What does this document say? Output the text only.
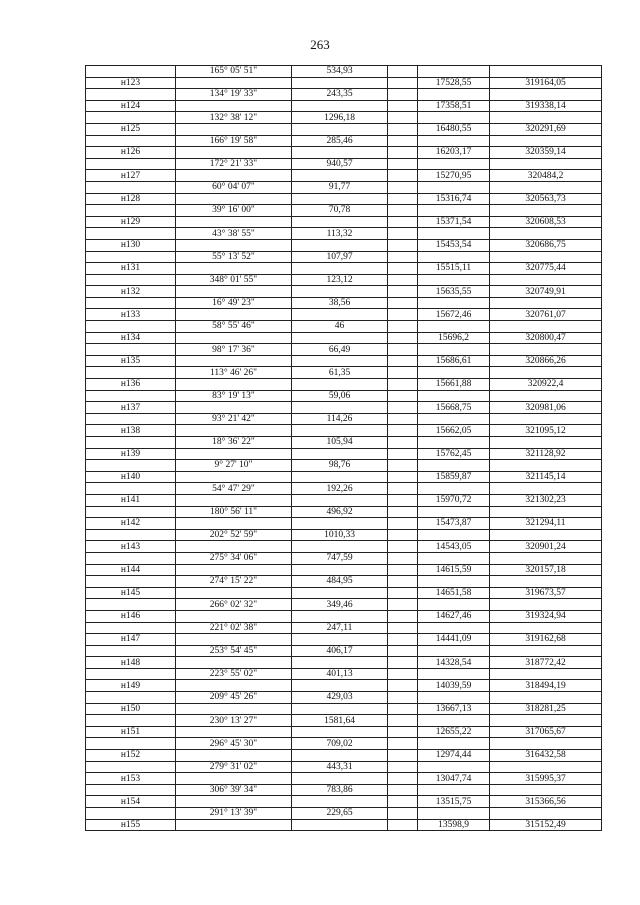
263
	165° 05' 51"	534,93			
н123				17528,55	319164,05
	134° 19' 33"	243,35			
н124				17358,51	319338,14
	132° 38' 12"	1296,18			
н125				16480,55	320291,69
	166° 19' 58"	285,46			
н126				16203,17	320359,14
	172° 21' 33"	940,57			
н127				15270,95	320484,2
	60° 04' 07"	91,77			
н128				15316,74	320563,73
	39° 16' 00"	70,78			
н129				15371,54	320608,53
	43° 38' 55"	113,32			
н130				15453,54	320686,75
	55° 13' 52"	107,97			
н131				15515,11	320775,44
	348° 01' 55"	123,12			
н132				15635,55	320749,91
	16° 49' 23"	38,56			
н133				15672,46	320761,07
	58° 55' 46"	46			
н134				15696,2	320800,47
	98° 17' 36"	66,49			
н135				15686,61	320866,26
	113° 46' 26"	61,35			
н136				15661,88	320922,4
	83° 19' 13"	59,06			
н137				15668,75	320981,06
	93° 21' 42"	114,26			
н138				15662,05	321095,12
	18° 36' 22"	105,94			
н139				15762,45	321128,92
	9° 27' 10"	98,76			
н140				15859,87	321145,14
	54° 47' 29"	192,26			
н141				15970,72	321302,23
	180° 56' 11"	496,92			
н142				15473,87	321294,11
	202° 52' 59"	1010,33			
н143				14543,05	320901,24
	275° 34' 06"	747,59			
н144				14615,59	320157,18
	274° 15' 22"	484,95			
н145				14651,58	319673,57
	266° 02' 32"	349,46			
н146				14627,46	319324,94
	221° 02' 38"	247,11			
н147				14441,09	319162,68
	253° 54' 45"	406,17			
н148				14328,54	318772,42
	223° 55' 02"	401,13			
н149				14039,59	318494,19
	209° 45' 26"	429,03			
н150				13667,13	318281,25
	230° 13' 27"	1581,64			
н151				12655,22	317065,67
	296° 45' 30"	709,02			
н152				12974,44	316432,58
	279° 31' 02"	443,31			
н153				13047,74	315995,37
	306° 39' 34"	783,86			
н154				13515,75	315366,56
	291° 13' 39"	229,65			
н155				13598,9	315152,49
